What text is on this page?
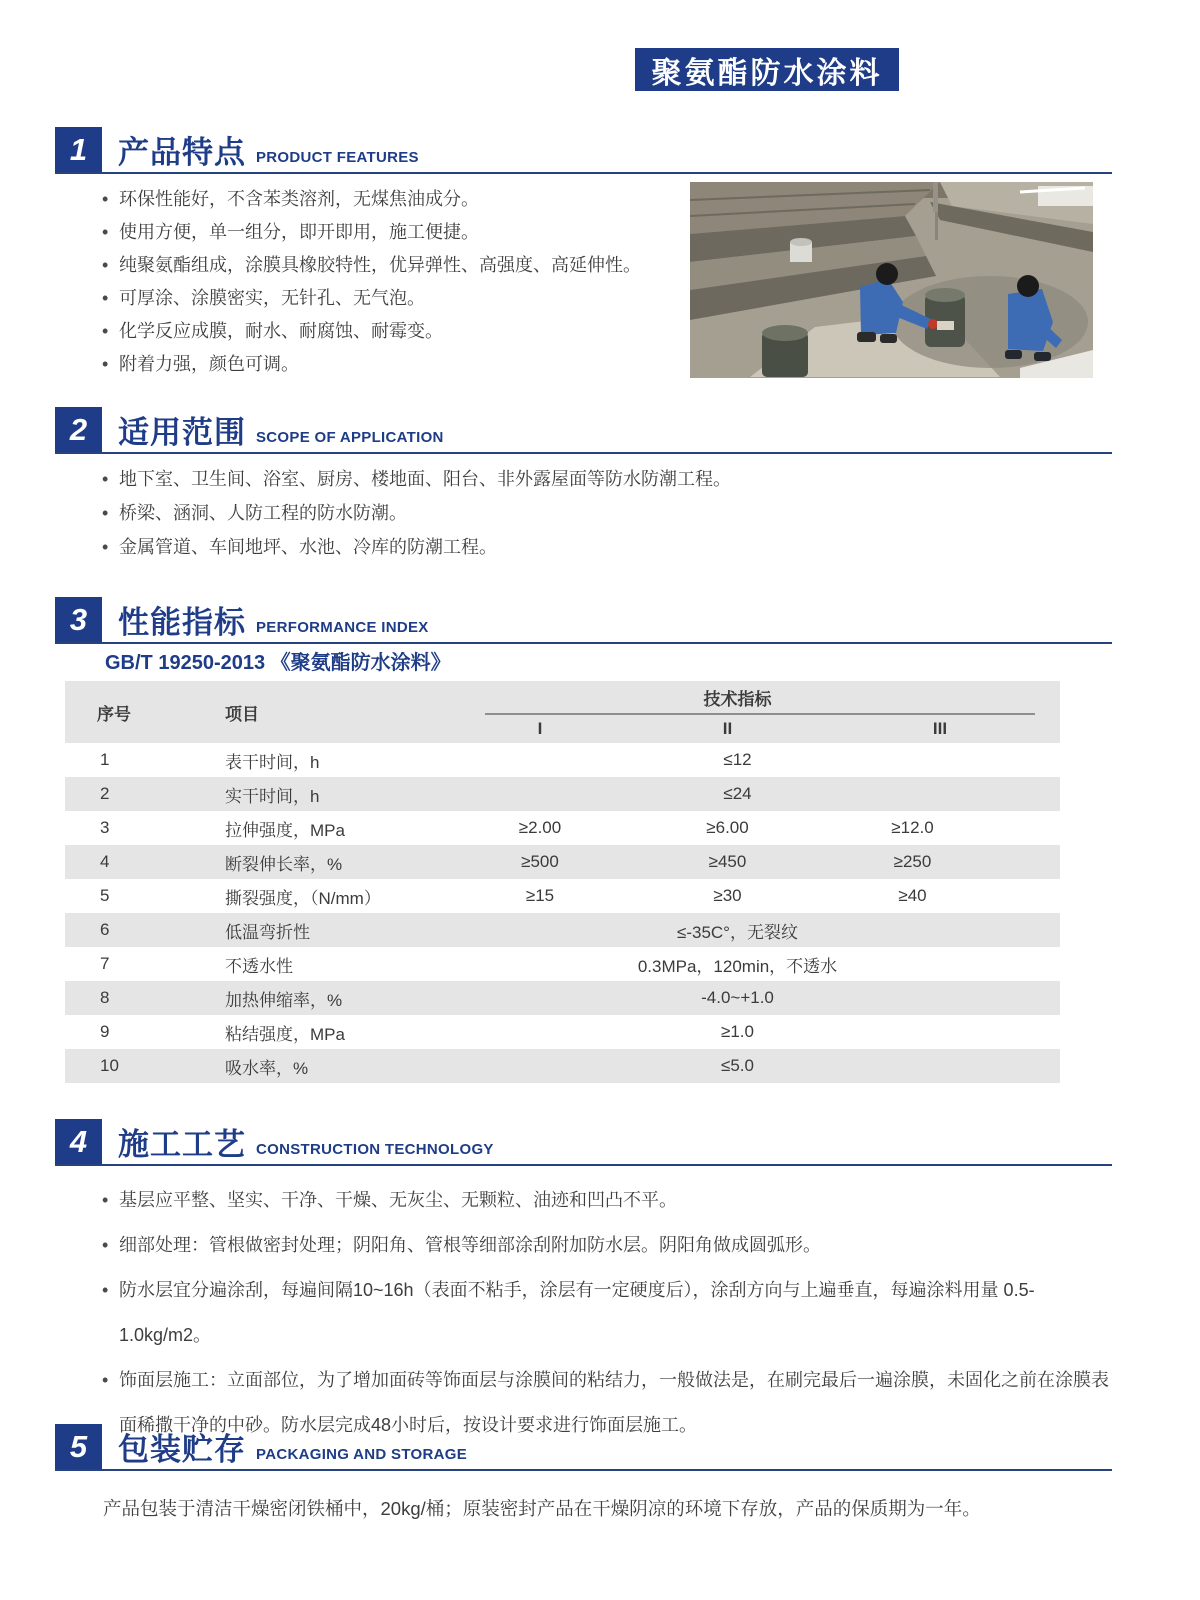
聚氨酯防水涂料
1 产品特点 PRODUCT FEATURES
• 环保性能好，不含苯类溶剂，无煤焦油成分。
• 使用方便，单一组分，即开即用，施工便捷。
• 纯聚氨酯组成，涂膜具橡胶特性，优异弹性、高强度、高延伸性。
• 可厚涂、涂膜密实，无针孔、无气泡。
• 化学反应成膜，耐水、耐腐蚀、耐霉变。
• 附着力强，颜色可调。
2 适用范围 SCOPE OF APPLICATION
• 地下室、卫生间、浴室、厨房、楼地面、阳台、非外露屋面等防水防潮工程。
• 桥梁、涵洞、人防工程的防水防潮。
• 金属管道、车间地坪、水池、冷库的防潮工程。
3 性能指标 PERFORMANCE INDEX
GB/T 19250-2013 《聚氨酯防水涂料》
序号	项目
技术指标
I	II	III
1	表干时间，h	≤12
2	实干时间，h	≤24
3	拉伸强度，MPa	≥2.00	≥6.00	≥12.0
4	断裂伸长率，%	≥500	≥450	≥250
5	撕裂强度，（N/mm）	≥15	≥30	≥40
6	低温弯折性	≤-35C°，无裂纹
7	不透水性	0.3MPa，120min，不透水
8	加热伸缩率，%	-4.0~+1.0
9	粘结强度，MPa	≥1.0
10	吸水率，%	≤5.0
4 施工工艺 CONSTRUCTION TECHNOLOGY
• 基层应平整、坚实、干净、干燥、无灰尘、无颗粒、油迹和凹凸不平。
• 细部处理：管根做密封处理；阴阳角、管根等细部涂刮附加防水层。阴阳角做成圆弧形。
• 防水层宜分遍涂刮，每遍间隔10~16h（表面不粘手，涂层有一定硬度后），涂刮方向与上遍垂直，每遍涂料用量 0.5-1.0kg/m2。
• 饰面层施工：立面部位，为了增加面砖等饰面层与涂膜间的粘结力，一般做法是，在刷完最后一遍涂膜，未固化之前在涂膜表面稀撒干净的中砂。防水层完成48小时后，按设计要求进行饰面层施工。
5 包装贮存 PACKAGING AND STORAGE
产品包装于清洁干燥密闭铁桶中，20kg/桶；原装密封产品在干燥阴凉的环境下存放，产品的保质期为一年。
